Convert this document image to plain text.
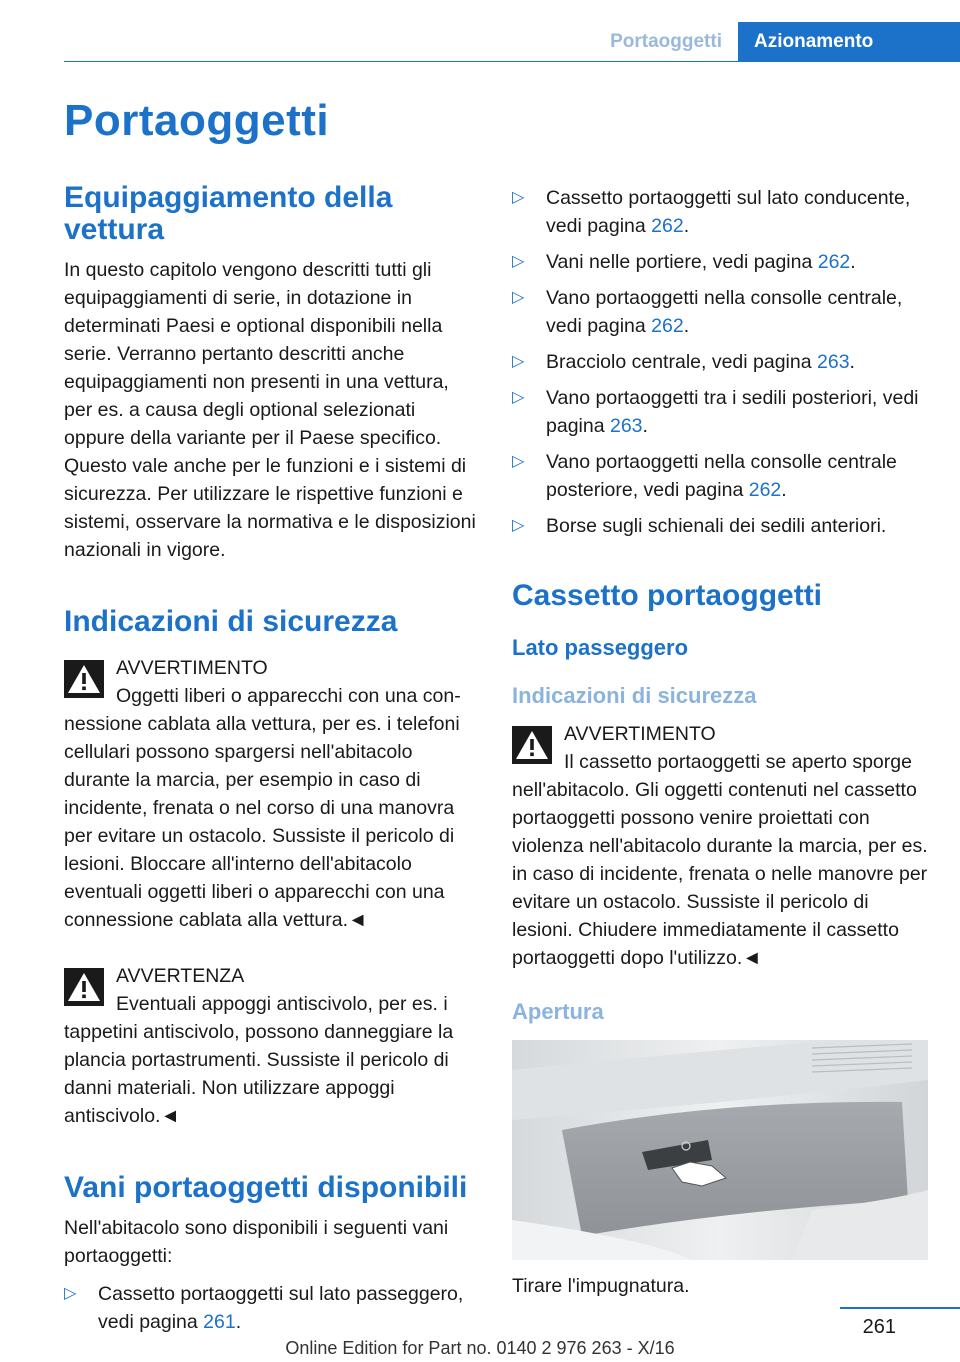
Portaoggetti	Azionamento
Portaoggetti
Equipaggiamento della vettura

In questo capitolo vengono descritti tutti gli equipaggiamenti di serie, in dotazione in determinati Paesi e optional disponibili nella serie. Verranno pertanto descritti anche equipaggiamenti non presenti in una vettura, per es. a causa degli optional selezionati oppure della variante per il Paese specifico. Questo vale anche per le funzioni e i sistemi di sicurezza. Per utilizzare le rispettive funzioni e sistemi, osservare la normativa e le disposizioni nazionali in vigore.

Indicazioni di sicurezza
AVVERTIMENTO
Oggetti liberi o apparecchi con una con-
nessione cablata alla vettura, per es. i telefoni cellulari possono spargersi nell'abitacolo durante la marcia, per esempio in caso di incidente, frenata o nel corso di una manovra per evitare un ostacolo. Sussiste il pericolo di lesioni. Bloccare all'interno dell'abitacolo eventuali oggetti liberi o apparecchi con una connessione cablata alla vettura.◄
AVVERTENZA
Eventuali appoggi antiscivolo, per es. i
tappetini antiscivolo, possono danneggiare la plancia portastrumenti. Sussiste il pericolo di danni materiali. Non utilizzare appoggi antiscivolo.◄
Vani portaoggetti disponibili

Nell'abitacolo sono disponibili i seguenti vani portaoggetti:

▷ Cassetto portaoggetti sul lato passeggero, vedi pagina 261.
▷ Cassetto portaoggetti sul lato conducente, vedi pagina 262.
▷ Vani nelle portiere, vedi pagina 262.
▷ Vano portaoggetti nella consolle centrale, vedi pagina 262.
▷ Bracciolo centrale, vedi pagina 263.
▷ Vano portaoggetti tra i sedili posteriori, vedi pagina 263.
▷ Vano portaoggetti nella consolle centrale posteriore, vedi pagina 262.
▷ Borse sugli schienali dei sedili anteriori.
Cassetto portaoggetti
Lato passeggero
Indicazioni di sicurezza
AVVERTIMENTO
Il cassetto portaoggetti se aperto sporge
nell'abitacolo. Gli oggetti contenuti nel cassetto portaoggetti possono venire proiettati con violenza nell'abitacolo durante la marcia, per es. in caso di incidente, frenata o nelle manovre per evitare un ostacolo. Sussiste il pericolo di lesioni. Chiudere immediatamente il cassetto portaoggetti dopo l'utilizzo.◄
Apertura

Tirare l'impugnatura.

261
Online Edition for Part no. 0140 2 976 263 - X/16
